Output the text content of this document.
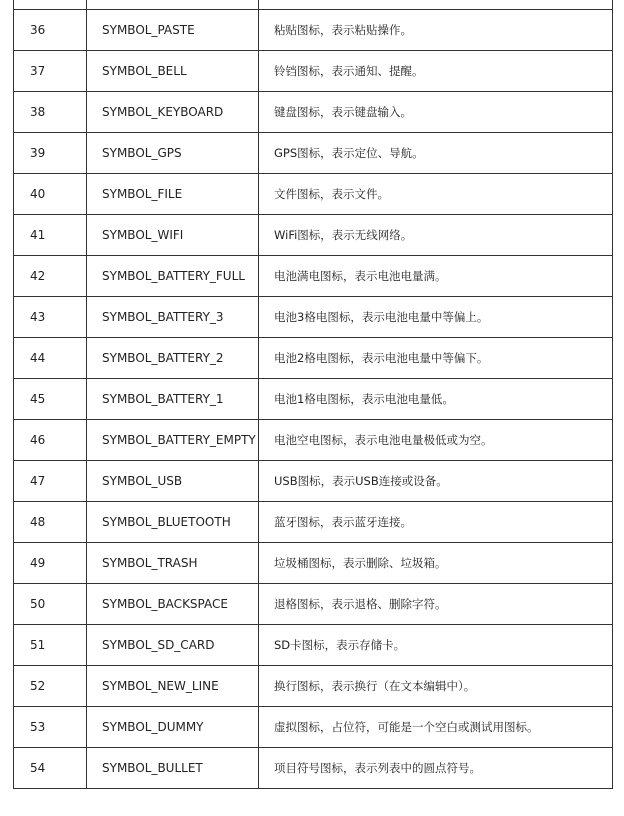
36	SYMBOL_PASTE	粘贴图标，表示粘贴操作。
37	SYMBOL_BELL	铃铛图标，表示通知、提醒。
38	SYMBOL_KEYBOARD	键盘图标，表示键盘输入。
39	SYMBOL_GPS	GPS图标，表示定位、导航。
40	SYMBOL_FILE	文件图标，表示文件。
41	SYMBOL_WIFI	WiFi图标，表示无线网络。
42	SYMBOL_BATTERY_FULL	电池满电图标，表示电池电量满。
43	SYMBOL_BATTERY_3	电池3格电图标，表示电池电量中等偏上。
44	SYMBOL_BATTERY_2	电池2格电图标，表示电池电量中等偏下。
45	SYMBOL_BATTERY_1	电池1格电图标，表示电池电量低。
46	SYMBOL_BATTERY_EMPTY	电池空电图标，表示电池电量极低或为空。
47	SYMBOL_USB	USB图标，表示USB连接或设备。
48	SYMBOL_BLUETOOTH	蓝牙图标，表示蓝牙连接。
49	SYMBOL_TRASH	垃圾桶图标，表示删除、垃圾箱。
50	SYMBOL_BACKSPACE	退格图标，表示退格、删除字符。
51	SYMBOL_SD_CARD	SD卡图标，表示存储卡。
52	SYMBOL_NEW_LINE	换行图标，表示换行（在文本编辑中）。
53	SYMBOL_DUMMY	虚拟图标，占位符，可能是一个空白或测试用图标。
54	SYMBOL_BULLET	项目符号图标，表示列表中的圆点符号。
